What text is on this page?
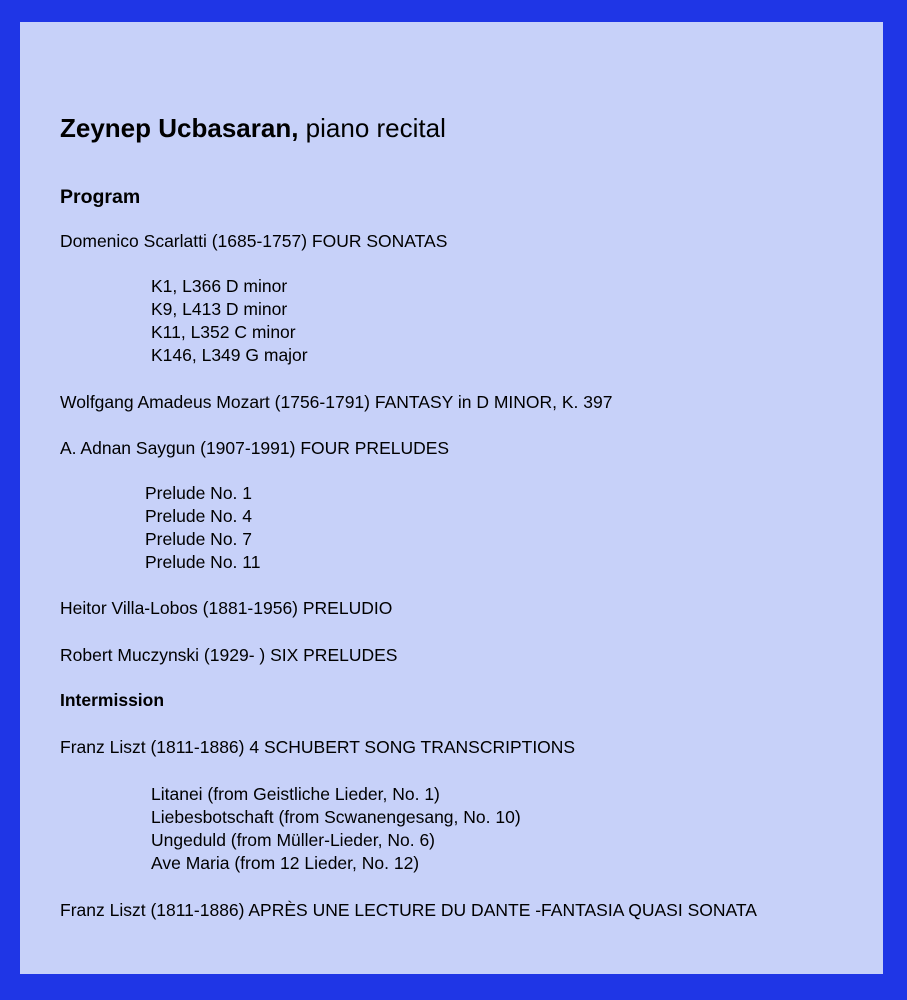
Zeynep Ucbasaran, piano recital
Program
Domenico Scarlatti (1685-1757) FOUR SONATAS
K1, L366 D minor
K9, L413 D minor
K11, L352 C minor
K146, L349 G major
Wolfgang Amadeus Mozart (1756-1791) FANTASY in D MINOR, K. 397
A. Adnan Saygun (1907-1991) FOUR PRELUDES
Prelude No. 1
Prelude No. 4
Prelude No. 7
Prelude No. 11
Heitor Villa-Lobos (1881-1956) PRELUDIO
Robert Muczynski (1929- ) SIX PRELUDES
Intermission
Franz Liszt (1811-1886) 4 SCHUBERT SONG TRANSCRIPTIONS
Litanei (from Geistliche Lieder, No. 1)
Liebesbotschaft (from Scwanengesang, No. 10)
Ungeduld (from Müller-Lieder, No. 6)
Ave Maria (from 12 Lieder, No. 12)
Franz Liszt (1811-1886) APRÈS UNE LECTURE DU DANTE -FANTASIA QUASI SONATA
